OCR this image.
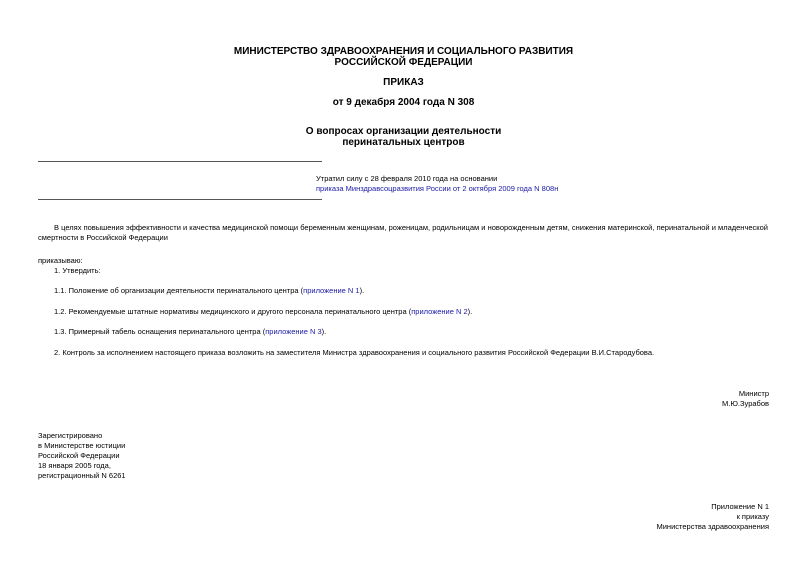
МИНИСТЕРСТВО ЗДРАВООХРАНЕНИЯ И СОЦИАЛЬНОГО РАЗВИТИЯ
РОССИЙСКОЙ ФЕДЕРАЦИИ
ПРИКАЗ
от 9 декабря 2004 года N 308
О вопросах организации деятельности
перинатальных центров
Утратил силу с 28 февраля 2010 года на основании
приказа Минздравсоцразвития России от 2 октября 2009 года N 808н
В целях повышения эффективности и качества медицинской помощи беременным женщинам, роженицам, родильницам и новорожденным детям, снижения материнской, перинатальной и младенческой смертности в Российской Федерации
приказываю:
1. Утвердить:
1.1. Положение об организации деятельности перинатального центра (приложение N 1).
1.2. Рекомендуемые штатные нормативы медицинского и другого персонала перинатального центра (приложение N 2).
1.3. Примерный табель оснащения перинатального центра (приложение N 3).
2. Контроль за исполнением настоящего приказа возложить на заместителя Министра здравоохранения и социального развития Российской Федерации В.И.Стародубова.
Министр
М.Ю.Зурабов
Зарегистрировано
в Министерстве юстиции
Российской Федерации
18 января 2005 года,
регистрационный N 6261
Приложение N 1
к приказу
Министерства здравоохранения
